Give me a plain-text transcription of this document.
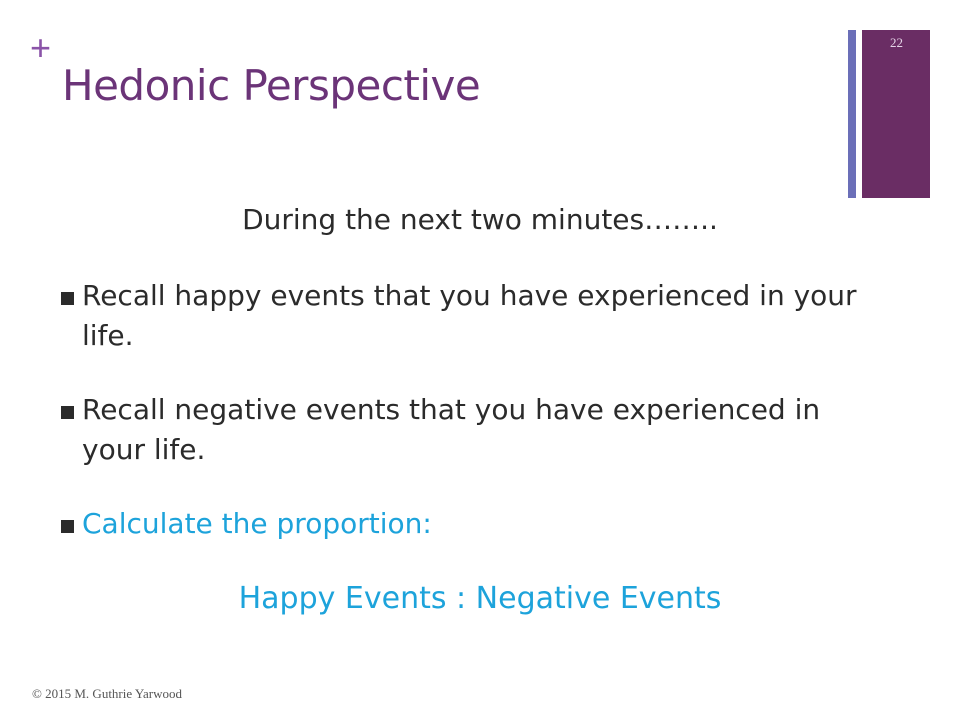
+
Hedonic Perspective
22

During the next two minutes……..

Recall happy events that you have experienced in your life.
Recall negative events that you have experienced in your life.
Calculate the proportion:

Happy Events : Negative Events

© 2015 M. Guthrie Yarwood
